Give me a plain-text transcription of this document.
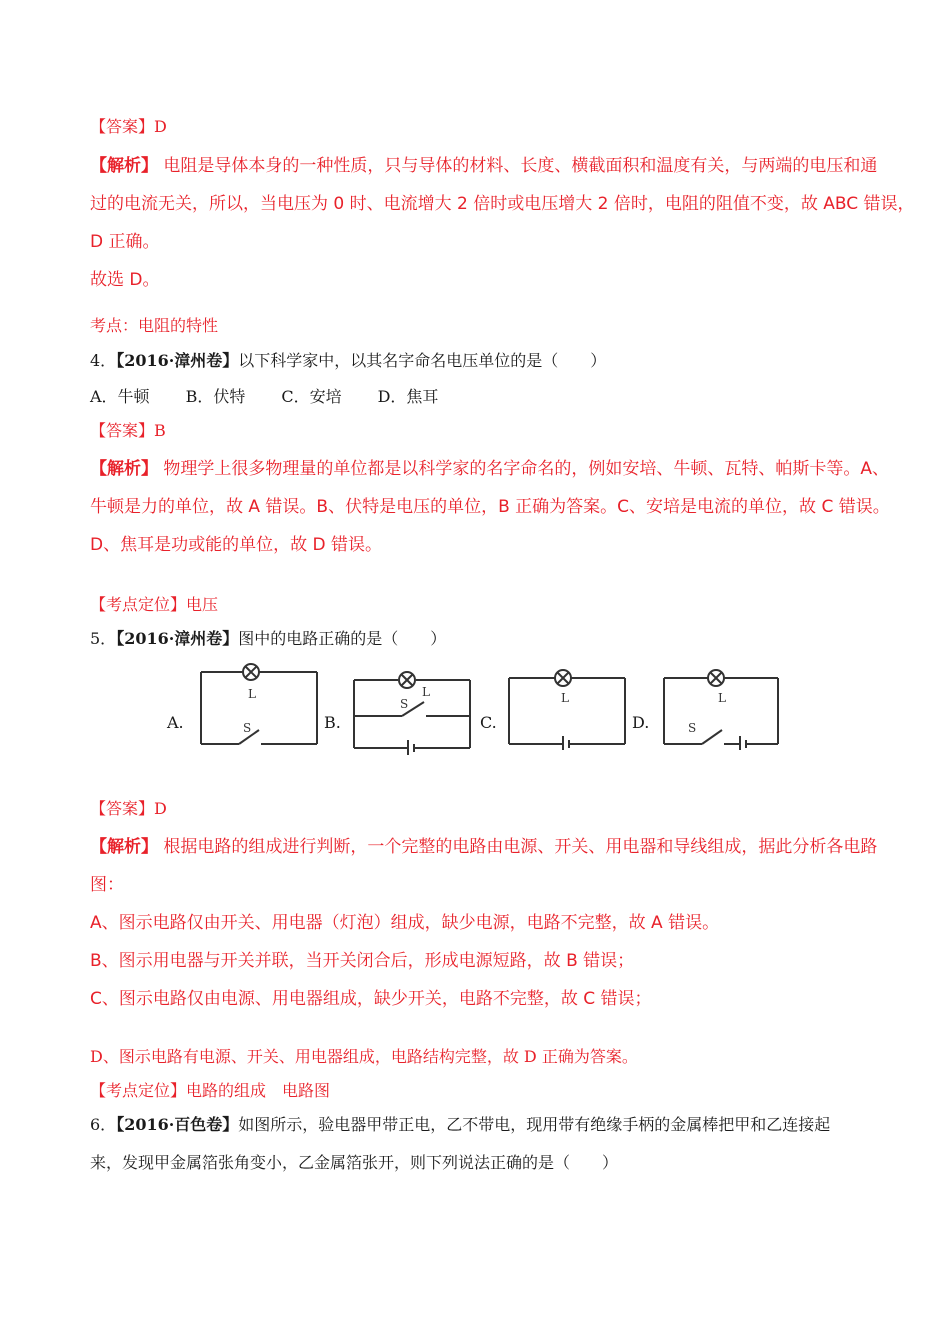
【答案】D
【解析】 电阻是导体本身的一种性质，只与导体的材料、长度、横截面积和温度有关，与两端的电压和通
过的电流无关，所以，当电压为 0 时、电流增大 2 倍时或电压增大 2 倍时，电阻的阻值不变，故 ABC 错误，
D 正确。
故选 D。
考点：电阻的特性
4．【2016·漳州卷】以下科学家中，以其名字命名电压单位的是（　　）
A．牛顿 B．伏特 C．安培 D．焦耳
【答案】B
【解析】 物理学上很多物理量的单位都是以科学家的名字命名的，例如安培、牛顿、瓦特、帕斯卡等。A、
牛顿是力的单位，故 A 错误。B、伏特是电压的单位，B 正确为答案。C、安培是电流的单位，故 C 错误。
D、焦耳是功或能的单位，故 D 错误。
【考点定位】电压
5．【2016·漳州卷】图中的电路正确的是（　　）
A.	B.	C.	D.
L
S
L
S	L	L
S
【答案】D
【解析】 根据电路的组成进行判断，一个完整的电路由电源、开关、用电器和导线组成，据此分析各电路
图：
A、图示电路仅由开关、用电器（灯泡）组成，缺少电源，电路不完整，故 A 错误。
B、图示用电器与开关并联，当开关闭合后，形成电源短路，故 B 错误；
C、图示电路仅由电源、用电器组成，缺少开关，电路不完整，故 C 错误；
D、图示电路有电源、开关、用电器组成，电路结构完整，故 D 正确为答案。
【考点定位】电路的组成　电路图
6．【2016·百色卷】如图所示，验电器甲带正电，乙不带电，现用带有绝缘手柄的金属棒把甲和乙连接起
来，发现甲金属箔张角变小，乙金属箔张开，则下列说法正确的是（　　）
